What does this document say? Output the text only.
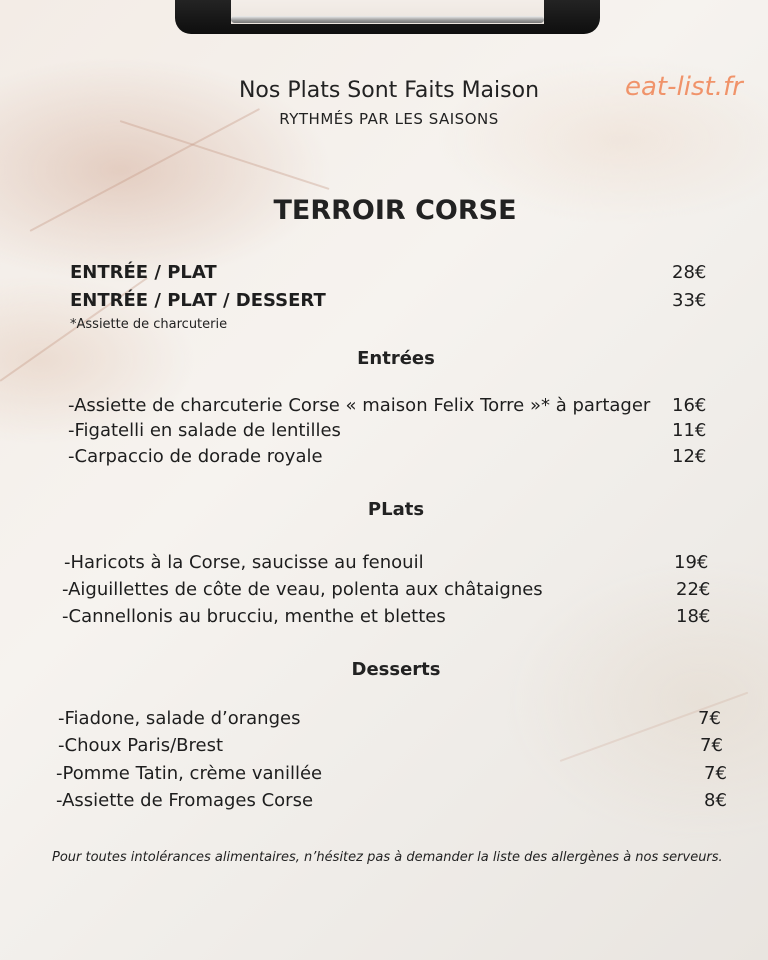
eat-list.fr
Nos Plats Sont Faits Maison
RYTHMÉS PAR LES SAISONS
TERROIR CORSE
ENTRÉE / PLAT	28€
ENTRÉE / PLAT / DESSERT	33€
*Assiette de charcuterie
Entrées
-Assiette de charcuterie Corse « maison Felix Torre »* à partager 16€
-Figatelli en salade de lentilles	11€
-Carpaccio de dorade royale	12€
PLats
-Haricots à la Corse, saucisse au fenouil	19€
-Aiguillettes de côte de veau, polenta aux châtaignes	22€
-Cannellonis au brucciu, menthe et blettes	18€
Desserts
-Fiadone, salade d’oranges	7€
-Choux Paris/Brest	7€
-Pomme Tatin, crème vanillée	7€
-Assiette de Fromages Corse	8€
Pour toutes intolérances alimentaires, n’hésitez pas à demander la liste des allergènes à nos serveurs.
